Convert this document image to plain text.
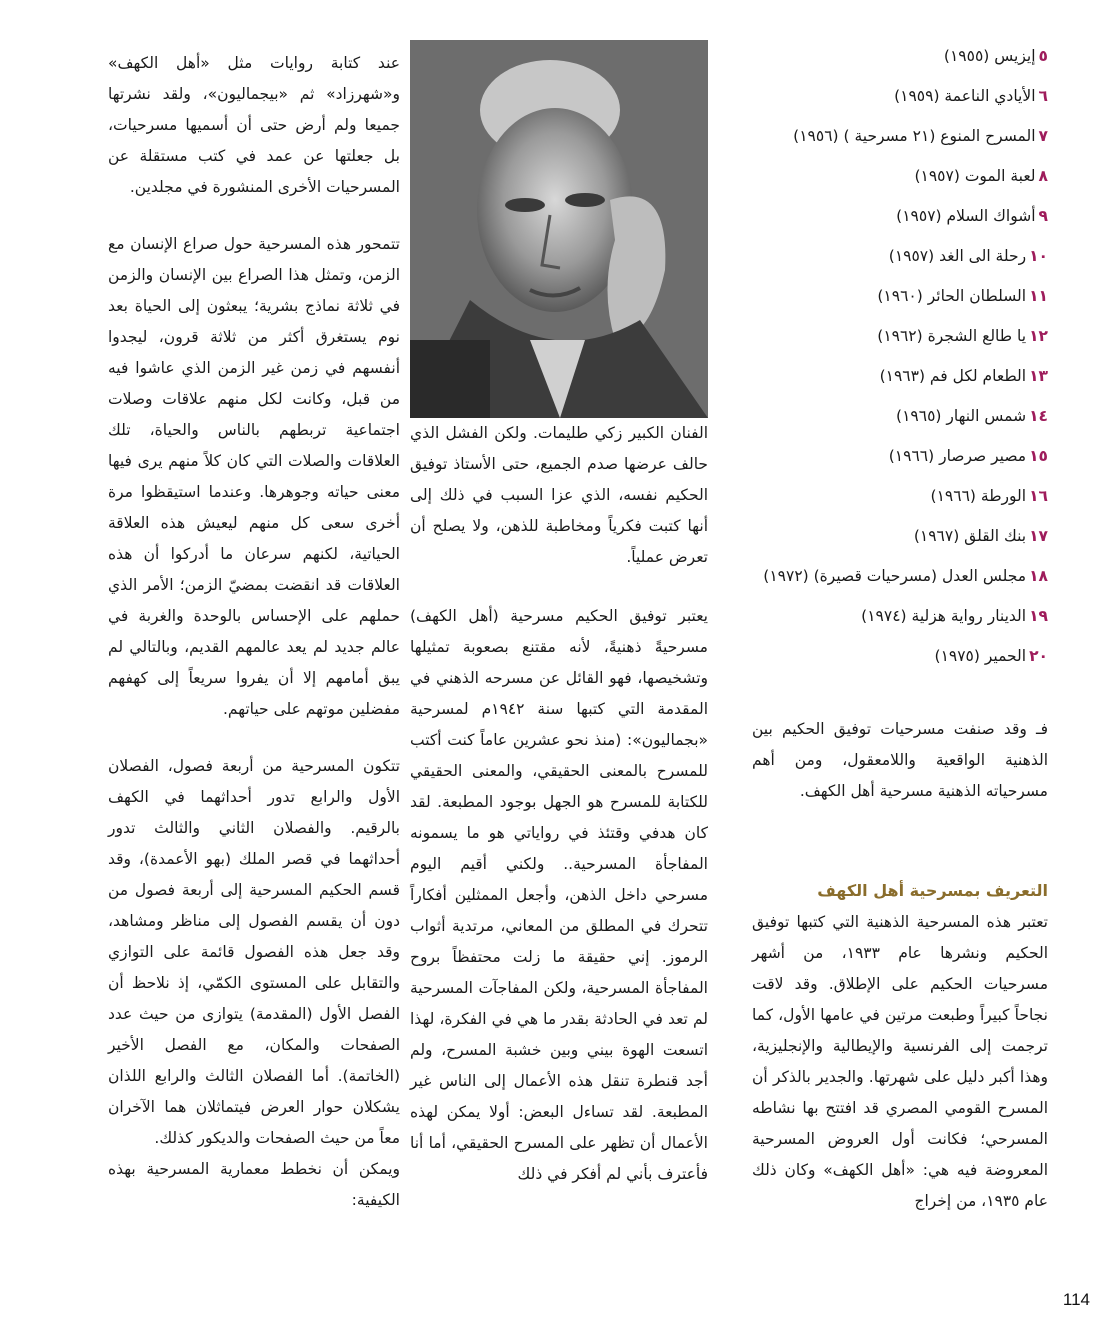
عند كتابة روايات مثل «أهل الكهف» و«شهرزاد» ثم «بيجماليون»، ولقد نشرتها جميعا ولم أرض حتى أن أسميها مسرحيات، بل جعلتها عن عمد في كتب مستقلة عن المسرحيات الأخرى المنشورة في مجلدين.

تتمحور هذه المسرحية حول صراع الإنسان مع الزمن، وتمثل هذا الصراع بين الإنسان والزمن في ثلاثة نماذج بشرية؛ يبعثون إلى الحياة بعد نوم يستغرق أكثر من ثلاثة قرون، ليجدوا أنفسهم في زمن غير الزمن الذي عاشوا فيه من قبل، وكانت لكل منهم علاقات وصلات اجتماعية تربطهم بالناس والحياة، تلك العلاقات والصلات التي كان كلاً منهم يرى فيها معنى حياته وجوهرها. وعندما استيقظوا مرة أخرى سعى كل منهم ليعيش هذه العلاقة الحياتية، لكنهم سرعان ما أدركوا أن هذه العلاقات قد انقضت بمضيّ الزمن؛ الأمر الذي حملهم على الإحساس بالوحدة والغربة في عالم جديد لم يعد عالمهم القديم، وبالتالي لم يبق أمامهم إلا أن يفروا سريعاً إلى كهفهم مفضلين موتهم على حياتهم.

تتكون المسرحية من أربعة فصول، الفصلان الأول والرابع تدور أحداثهما في الكهف بالرقيم. والفصلان الثاني والثالث تدور أحداثهما في قصر الملك (بهو الأعمدة)، وقد قسم الحكيم المسرحية إلى أربعة فصول من دون أن يقسم الفصول إلى مناظر ومشاهد، وقد جعل هذه الفصول قائمة على التوازي والتقابل على المستوى الكمّي، إذ نلاحظ أن الفصل الأول (المقدمة) يتوازى من حيث عدد الصفحات والمكان، مع الفصل الأخير (الخاتمة). أما الفصلان الثالث والرابع اللذان يشكلان حوار العرض فيتماثلان هما الآخران معاً من حيث الصفحات والديكور كذلك.

ويمكن أن نخطط معمارية المسرحية بهذه الكيفية:

الفنان الكبير زكي طليمات. ولكن الفشل الذي حالف عرضها صدم الجميع، حتى الأستاذ توفيق الحكيم نفسه، الذي عزا السبب في ذلك إلى أنها كتبت فكرياً ومخاطبة للذهن، ولا يصلح أن تعرض عملياً.

يعتبر توفيق الحكيم مسرحية (أهل الكهف) مسرحيةً ذهنيةً، لأنه مقتنع بصعوبة تمثيلها وتشخيصها، فهو القائل عن مسرحه الذهني في المقدمة التي كتبها سنة ١٩٤٢م لمسرحية «بجماليون»: (منذ نحو عشرين عاماً كنت أكتب للمسرح بالمعنى الحقيقي، والمعنى الحقيقي للكتابة للمسرح هو الجهل بوجود المطبعة. لقد كان هدفي وقتئذ في رواياتي هو ما يسمونه المفاجأة المسرحية.. ولكني أقيم اليوم مسرحي داخل الذهن، وأجعل الممثلين أفكاراً تتحرك في المطلق من المعاني، مرتدية أثواب الرموز. إني حقيقة ما زلت محتفظاً بروح المفاجأة المسرحية، ولكن المفاجآت المسرحية لم تعد في الحادثة بقدر ما هي في الفكرة، لهذا اتسعت الهوة بيني وبين خشبة المسرح، ولم أجد قنطرة تنقل هذه الأعمال إلى الناس غير المطبعة. لقد تساءل البعض: أولا يمكن لهذه الأعمال أن تظهر على المسرح الحقيقي، أما أنا فأعترف بأني لم أفكر في ذلك

٥إيزيس (١٩٥٥)
٦الأيادي الناعمة (١٩٥٩)
٧المسرح المنوع (٢١ مسرحية ) (١٩٥٦)
٨لعبة الموت (١٩٥٧)
٩أشواك السلام (١٩٥٧)
١٠رحلة الى الغد (١٩٥٧)
١١السلطان الحائر (١٩٦٠)
١٢يا طالع الشجرة (١٩٦٢)
١٣الطعام لكل فم (١٩٦٣)
١٤شمس النهار (١٩٦٥)
١٥مصير صرصار (١٩٦٦)
١٦الورطة (١٩٦٦)
١٧بنك القلق (١٩٦٧)
١٨مجلس العدل (مسرحيات قصيرة) (١٩٧٢)
١٩الدينار رواية هزلية (١٩٧٤)
٢٠الحمير (١٩٧٥)

فـ وقد صنفت مسرحيات توفيق الحكيم بين الذهنية الواقعية واللامعقول، ومن أهم مسرحياته الذهنية مسرحية أهل الكهف.

التعريف بمسرحية أهل الكهف

تعتبر هذه المسرحية الذهنية التي كتبها توفيق الحكيم ونشرها عام ١٩٣٣، من أشهر مسرحيات الحكيم على الإطلاق. وقد لاقت نجاحاً كبيراً وطبعت مرتين في عامها الأول، كما ترجمت إلى الفرنسية والإيطالية والإنجليزية، وهذا أكبر دليل على شهرتها. والجدير بالذكر أن المسرح القومي المصري قد افتتح بها نشاطه المسرحي؛ فكانت أول العروض المسرحية المعروضة فيه هي: «أهل الكهف» وكان ذلك عام ١٩٣٥، من إخراج

114
